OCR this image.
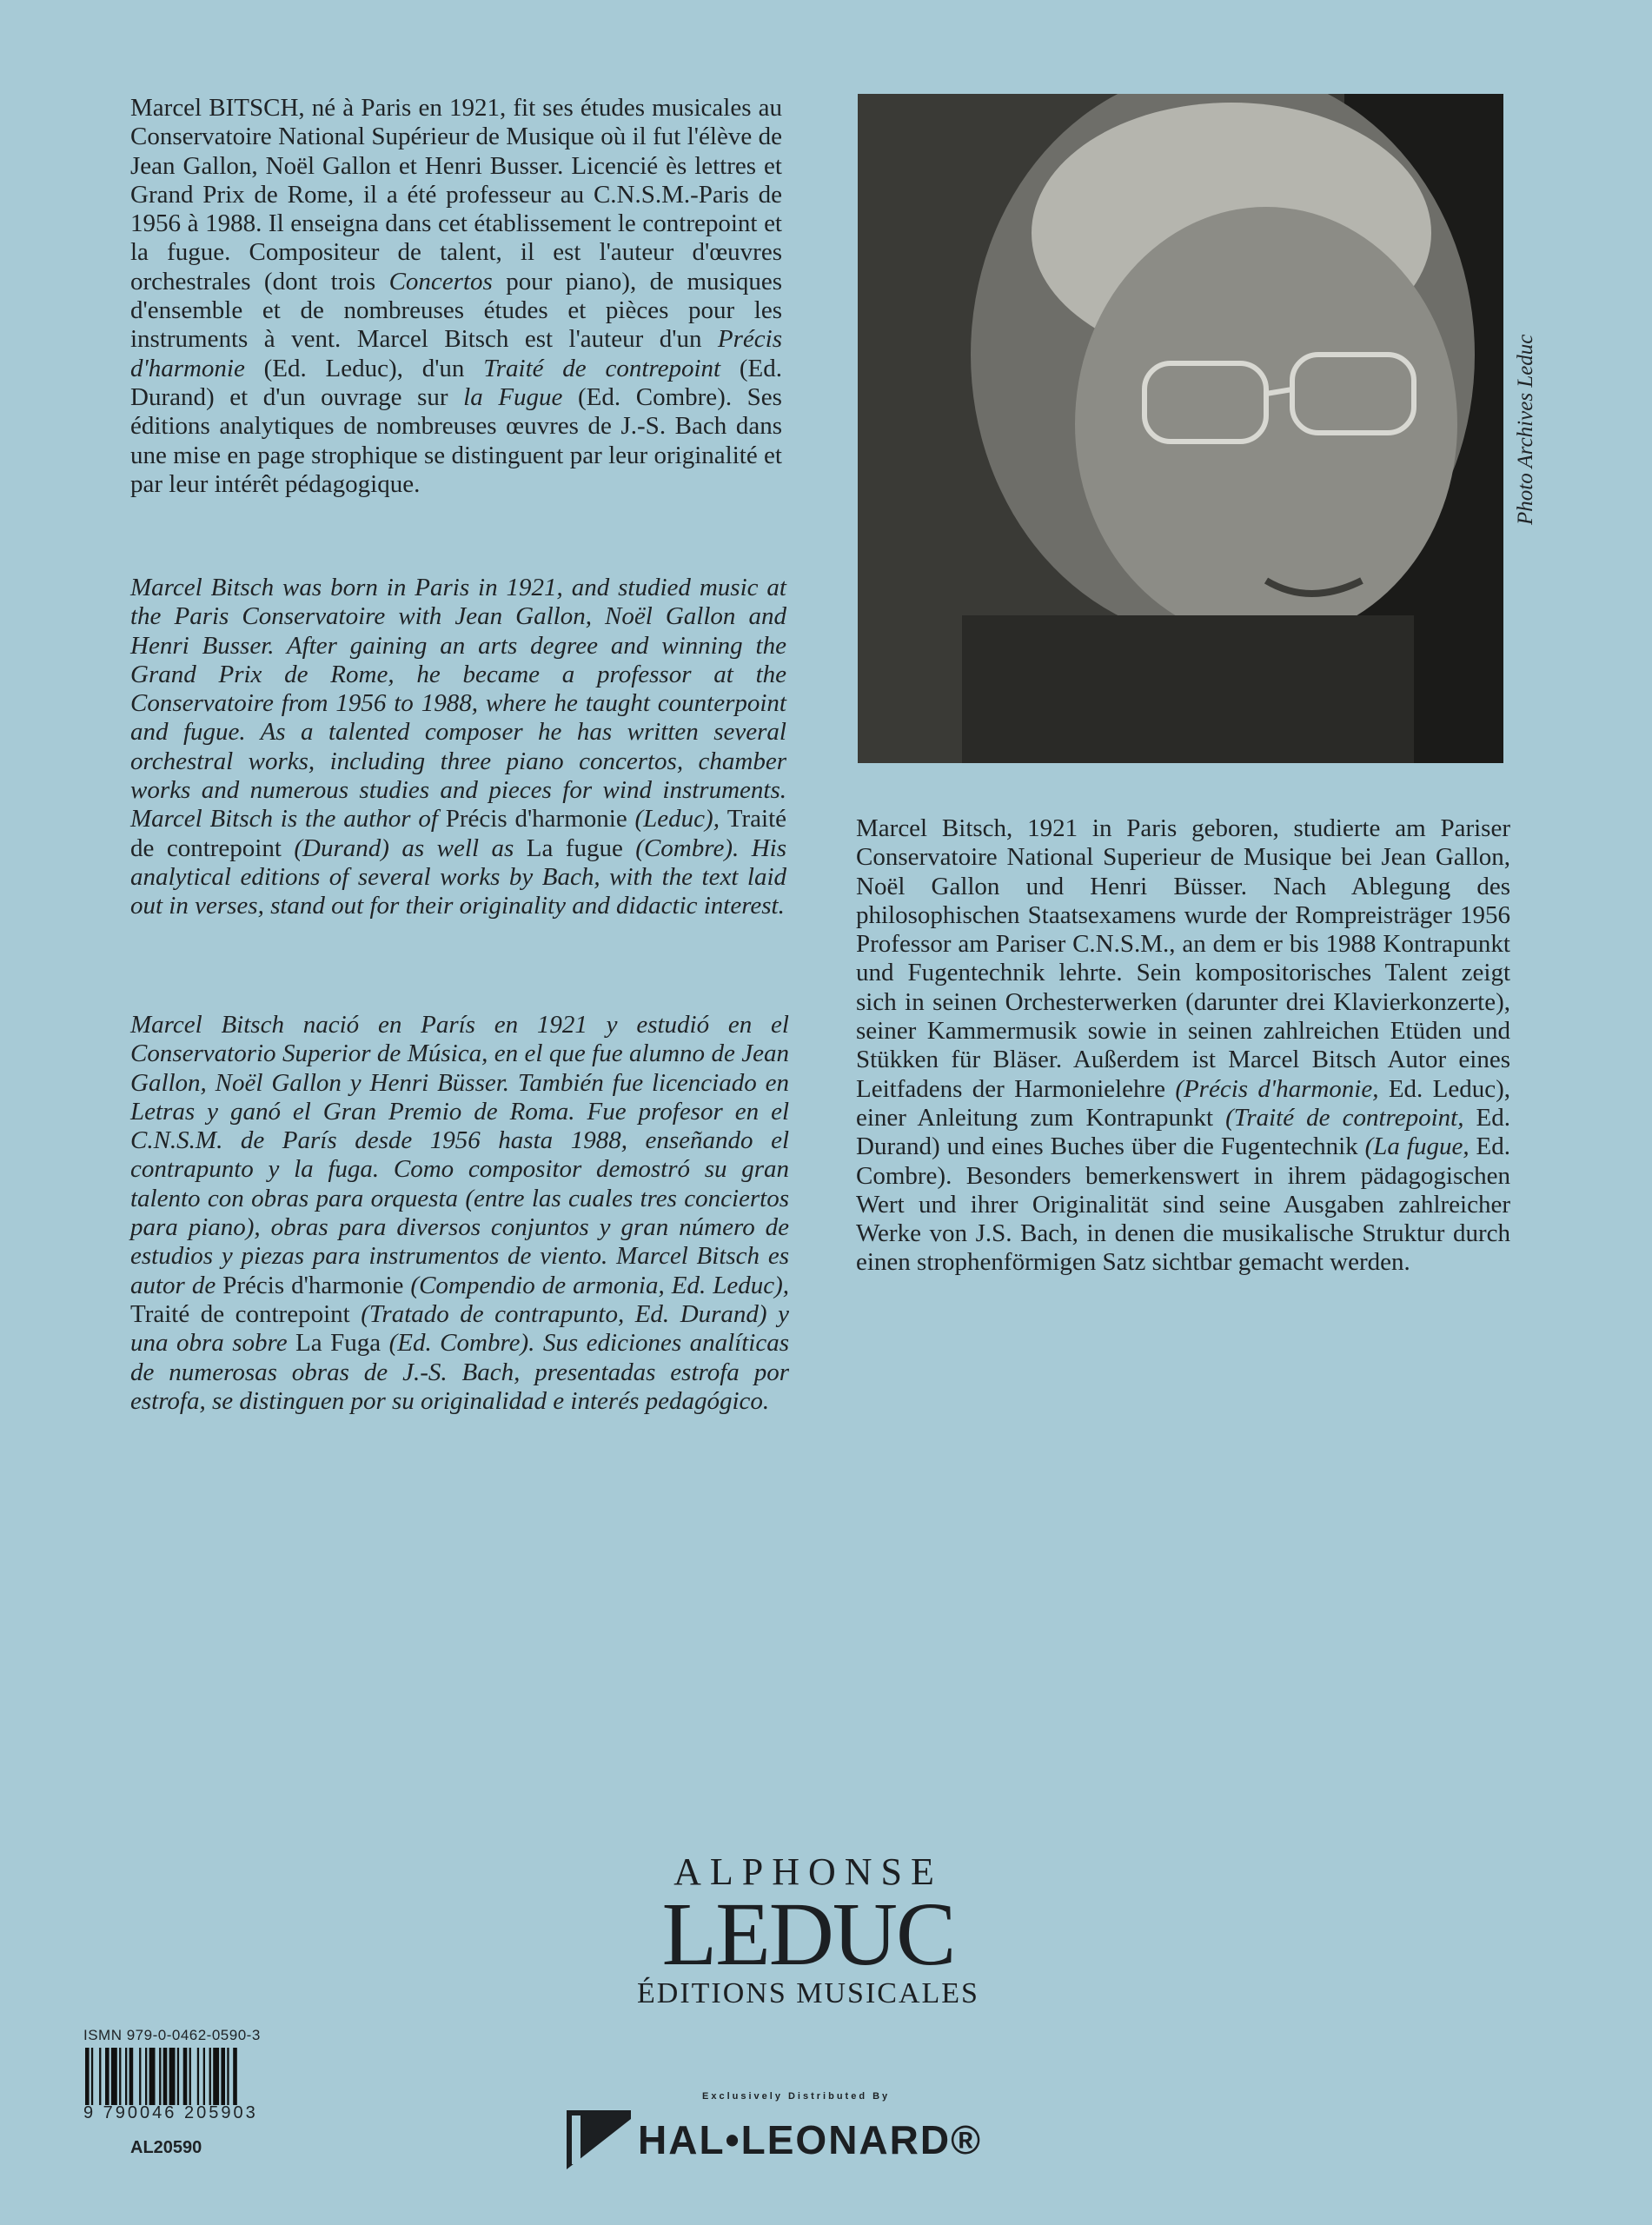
Marcel BITSCH, né à Paris en 1921, fit ses études musicales au Conservatoire National Supérieur de Musique où il fut l'élève de Jean Gallon, Noël Gallon et Henri Busser. Licencié ès lettres et Grand Prix de Rome, il a été professeur au C.N.S.M.-Paris de 1956 à 1988. Il enseigna dans cet établissement le contrepoint et la fugue. Compositeur de talent, il est l'auteur d'œuvres orchestrales (dont trois Concertos pour piano), de musiques d'ensemble et de nombreuses études et pièces pour les instruments à vent. Marcel Bitsch est l'auteur d'un Précis d'harmonie (Ed. Leduc), d'un Traité de contrepoint (Ed. Durand) et d'un ouvrage sur la Fugue (Ed. Combre). Ses éditions analytiques de nombreuses œuvres de J.-S. Bach dans une mise en page strophique se distinguent par leur originalité et par leur intérêt pédagogique.
Marcel Bitsch was born in Paris in 1921, and studied music at the Paris Conservatoire with Jean Gallon, Noël Gallon and Henri Busser. After gaining an arts degree and winning the Grand Prix de Rome, he became a professor at the Conservatoire from 1956 to 1988, where he taught counterpoint and fugue. As a talented composer he has written several orchestral works, including three piano concertos, chamber works and numerous studies and pieces for wind instruments. Marcel Bitsch is the author of Précis d'harmonie (Leduc), Traité de contrepoint (Durand) as well as La fugue (Combre). His analytical editions of several works by Bach, with the text laid out in verses, stand out for their originality and didactic interest.
Marcel Bitsch nació en París en 1921 y estudió en el Conservatorio Superior de Música, en el que fue alumno de Jean Gallon, Noël Gallon y Henri Büsser. También fue licenciado en Letras y ganó el Gran Premio de Roma. Fue profesor en el C.N.S.M. de París desde 1956 hasta 1988, enseñando el contrapunto y la fuga. Como compositor demostró su gran talento con obras para orquesta (entre las cuales tres conciertos para piano), obras para diversos conjuntos y gran número de estudios y piezas para instrumentos de viento. Marcel Bitsch es autor de Précis d'harmonie (Compendio de armonia, Ed. Leduc), Traité de contrepoint (Tratado de contrapunto, Ed. Durand) y una obra sobre La Fuga (Ed. Combre). Sus ediciones analíticas de numerosas obras de J.-S. Bach, presentadas estrofa por estrofa, se distinguen por su originalidad e interés pedagógico.
Photo Archives Leduc
Marcel Bitsch, 1921 in Paris geboren, studierte am Pariser Conservatoire National Superieur de Musique bei Jean Gallon, Noël Gallon und Henri Büsser. Nach Ablegung des philosophischen Staatsexamens wurde der Rompreisträger 1956 Professor am Pariser C.N.S.M., an dem er bis 1988 Kontrapunkt und Fugentechnik lehrte. Sein kompositorisches Talent zeigt sich in seinen Orchesterwerken (darunter drei Klavierkonzerte), seiner Kammermusik sowie in seinen zahlreichen Etüden und Stükken für Bläser. Außerdem ist Marcel Bitsch Autor eines Leitfadens der Harmonielehre (Précis d'harmonie, Ed. Leduc), einer Anleitung zum Kontrapunkt (Traité de contrepoint, Ed. Durand) und eines Buches über die Fugentechnik (La fugue, Ed. Combre). Besonders bemerkenswert in ihrem pädagogischen Wert und ihrer Originalität sind seine Ausgaben zahlreicher Werke von J.S. Bach, in denen die musikalische Struktur durch einen strophenförmigen Satz sichtbar gemacht werden.
ALPHONSE
LEDUC
ÉDITIONS MUSICALES
ISMN 979-0-0462-0590-3
9 790046 205903
AL20590
Exclusively Distributed By
HAL•LEONARD®
